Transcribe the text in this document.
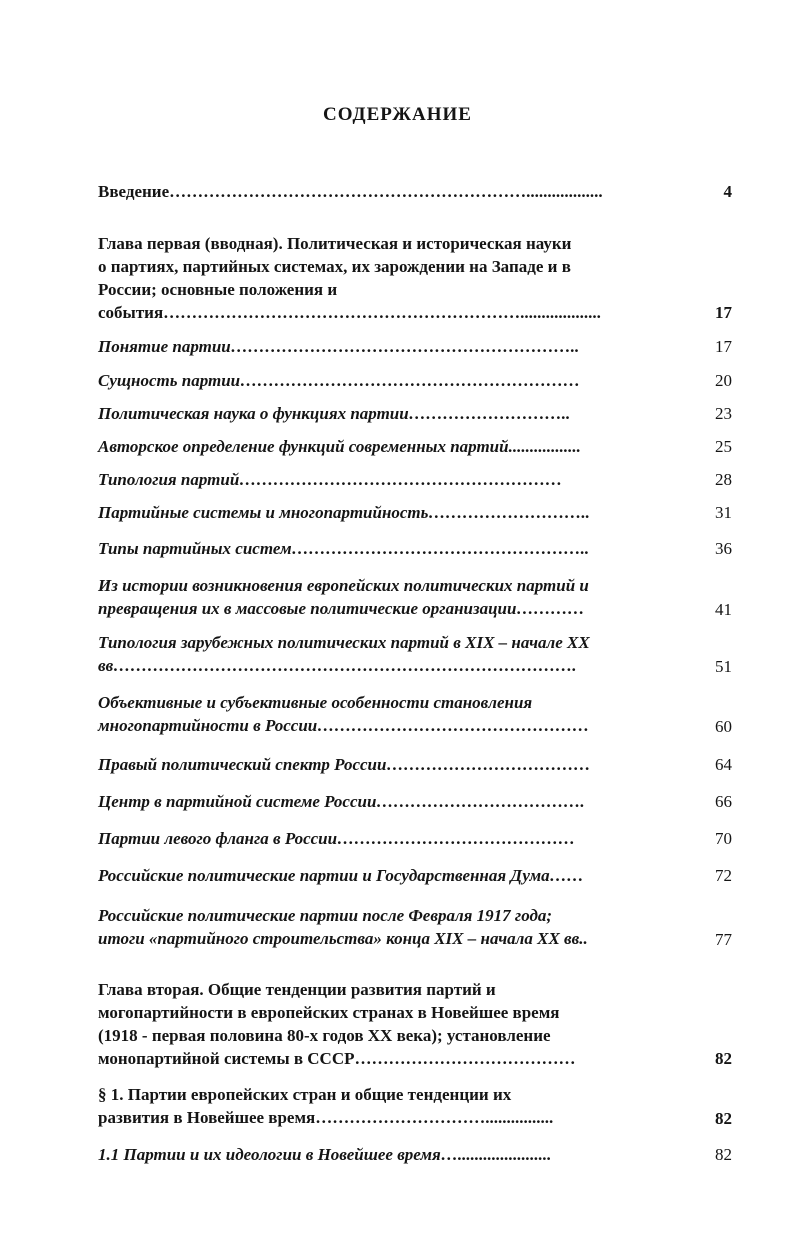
СОДЕРЖАНИЕ
Введение………………………………………………………..................	4
Глава первая (вводная). Политическая и историческая науки
о партиях, партийных системах, их зарождении на Западе и в
России; основные положения и
события………………………………………………………...................	17
Понятие партии……………………………………………………..	17
Сущность партии……………………………………………………	20
Политическая наука о функциях партии………………………..	23
Авторское определение функций современных партий.................	25
Типология партий…………………………………………………	28
Партийные системы и многопартийность………………………..	31
Типы партийных систем……………………………………………..	36
Из истории возникновения европейских политических партий и
превращения их в массовые политические организации…………	41
Типология зарубежных политических партий в XIX – начале XX
вв……………………………………………………………………….	51
Объективные и субъективные особенности становления
многопартийности в России…………………………………………	60
Правый политический спектр России………………………………	64
Центр в партийной системе России……………………………….	66
Партии левого фланга в России……………………………………	70
Российские политические партии и Государственная Дума……	72
Российские политические партии после Февраля 1917 года;
итоги «партийного строительства» конца XIX – начала XX вв..	77
Глава вторая. Общие тенденции развития партий и
могопартийности в европейских странах в Новейшее время
(1918 - первая половина 80-х годов XX века); установление
монопартийной системы в СССР…………………………………	82
§ 1. Партии европейских стран и общие тенденции их
развития в Новейшее время…………………………................	82
1.1 Партии и их идеологии в Новейшее время…......................	82
